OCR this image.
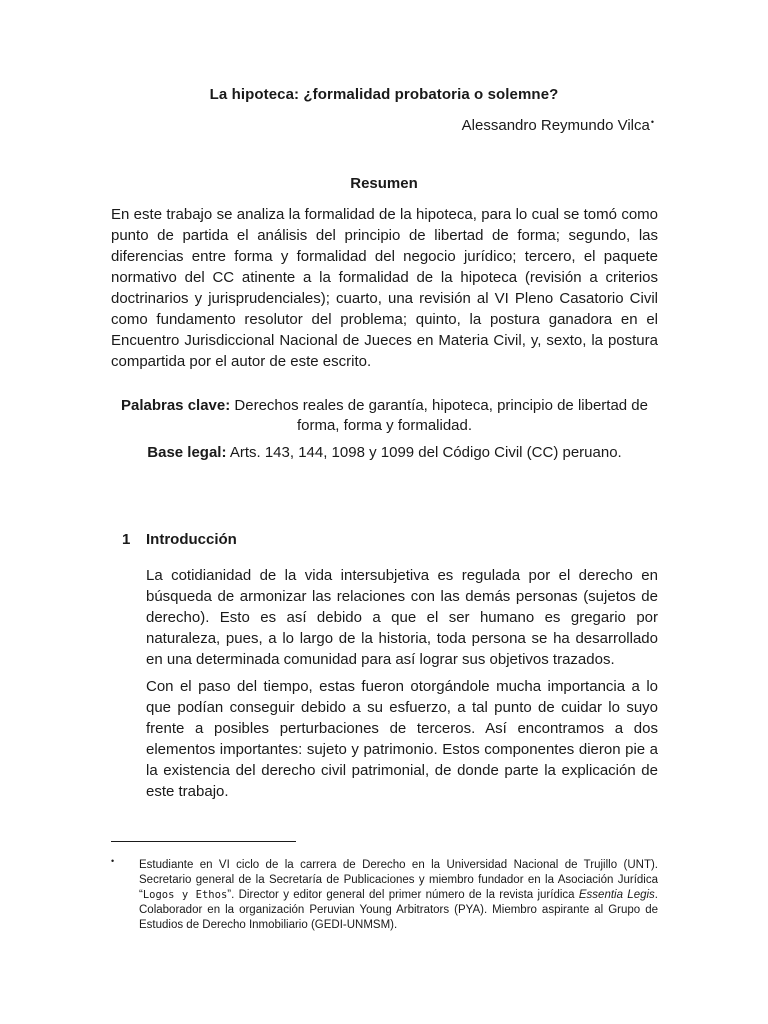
La hipoteca: ¿formalidad probatoria o solemne?
Alessandro Reymundo Vilca•
Resumen

En este trabajo se analiza la formalidad de la hipoteca, para lo cual se tomó como punto de partida el análisis del principio de libertad de forma; segundo, las diferencias entre forma y formalidad del negocio jurídico; tercero, el paquete normativo del CC atinente a la formalidad de la hipoteca (revisión a criterios doctrinarios y jurisprudenciales); cuarto, una revisión al VI Pleno Casatorio Civil como fundamento resolutor del problema; quinto, la postura ganadora en el Encuentro Jurisdiccional Nacional de Jueces en Materia Civil, y, sexto, la postura compartida por el autor de este escrito.

Palabras clave: Derechos reales de garantía, hipoteca, principio de libertad de forma, forma y formalidad.

Base legal: Arts. 143, 144, 1098 y 1099 del Código Civil (CC) peruano.

1 Introducción

La cotidianidad de la vida intersubjetiva es regulada por el derecho en búsqueda de armonizar las relaciones con las demás personas (sujetos de derecho). Esto es así debido a que el ser humano es gregario por naturaleza, pues, a lo largo de la historia, toda persona se ha desarrollado en una determinada comunidad para así lograr sus objetivos trazados.

Con el paso del tiempo, estas fueron otorgándole mucha importancia a lo que podían conseguir debido a su esfuerzo, a tal punto de cuidar lo suyo frente a posibles perturbaciones de terceros. Así encontramos a dos elementos importantes: sujeto y patrimonio. Estos componentes dieron pie a la existencia del derecho civil patrimonial, de donde parte la explicación de este trabajo.

• Estudiante en VI ciclo de la carrera de Derecho en la Universidad Nacional de Trujillo (UNT). Secretario general de la Secretaría de Publicaciones y miembro fundador en la Asociación Jurídica “Logos y Ethos”. Director y editor general del primer número de la revista jurídica Essentia Legis. Colaborador en la organización Peruvian Young Arbitrators (PYA). Miembro aspirante al Grupo de Estudios de Derecho Inmobiliario (GEDI-UNMSM).
